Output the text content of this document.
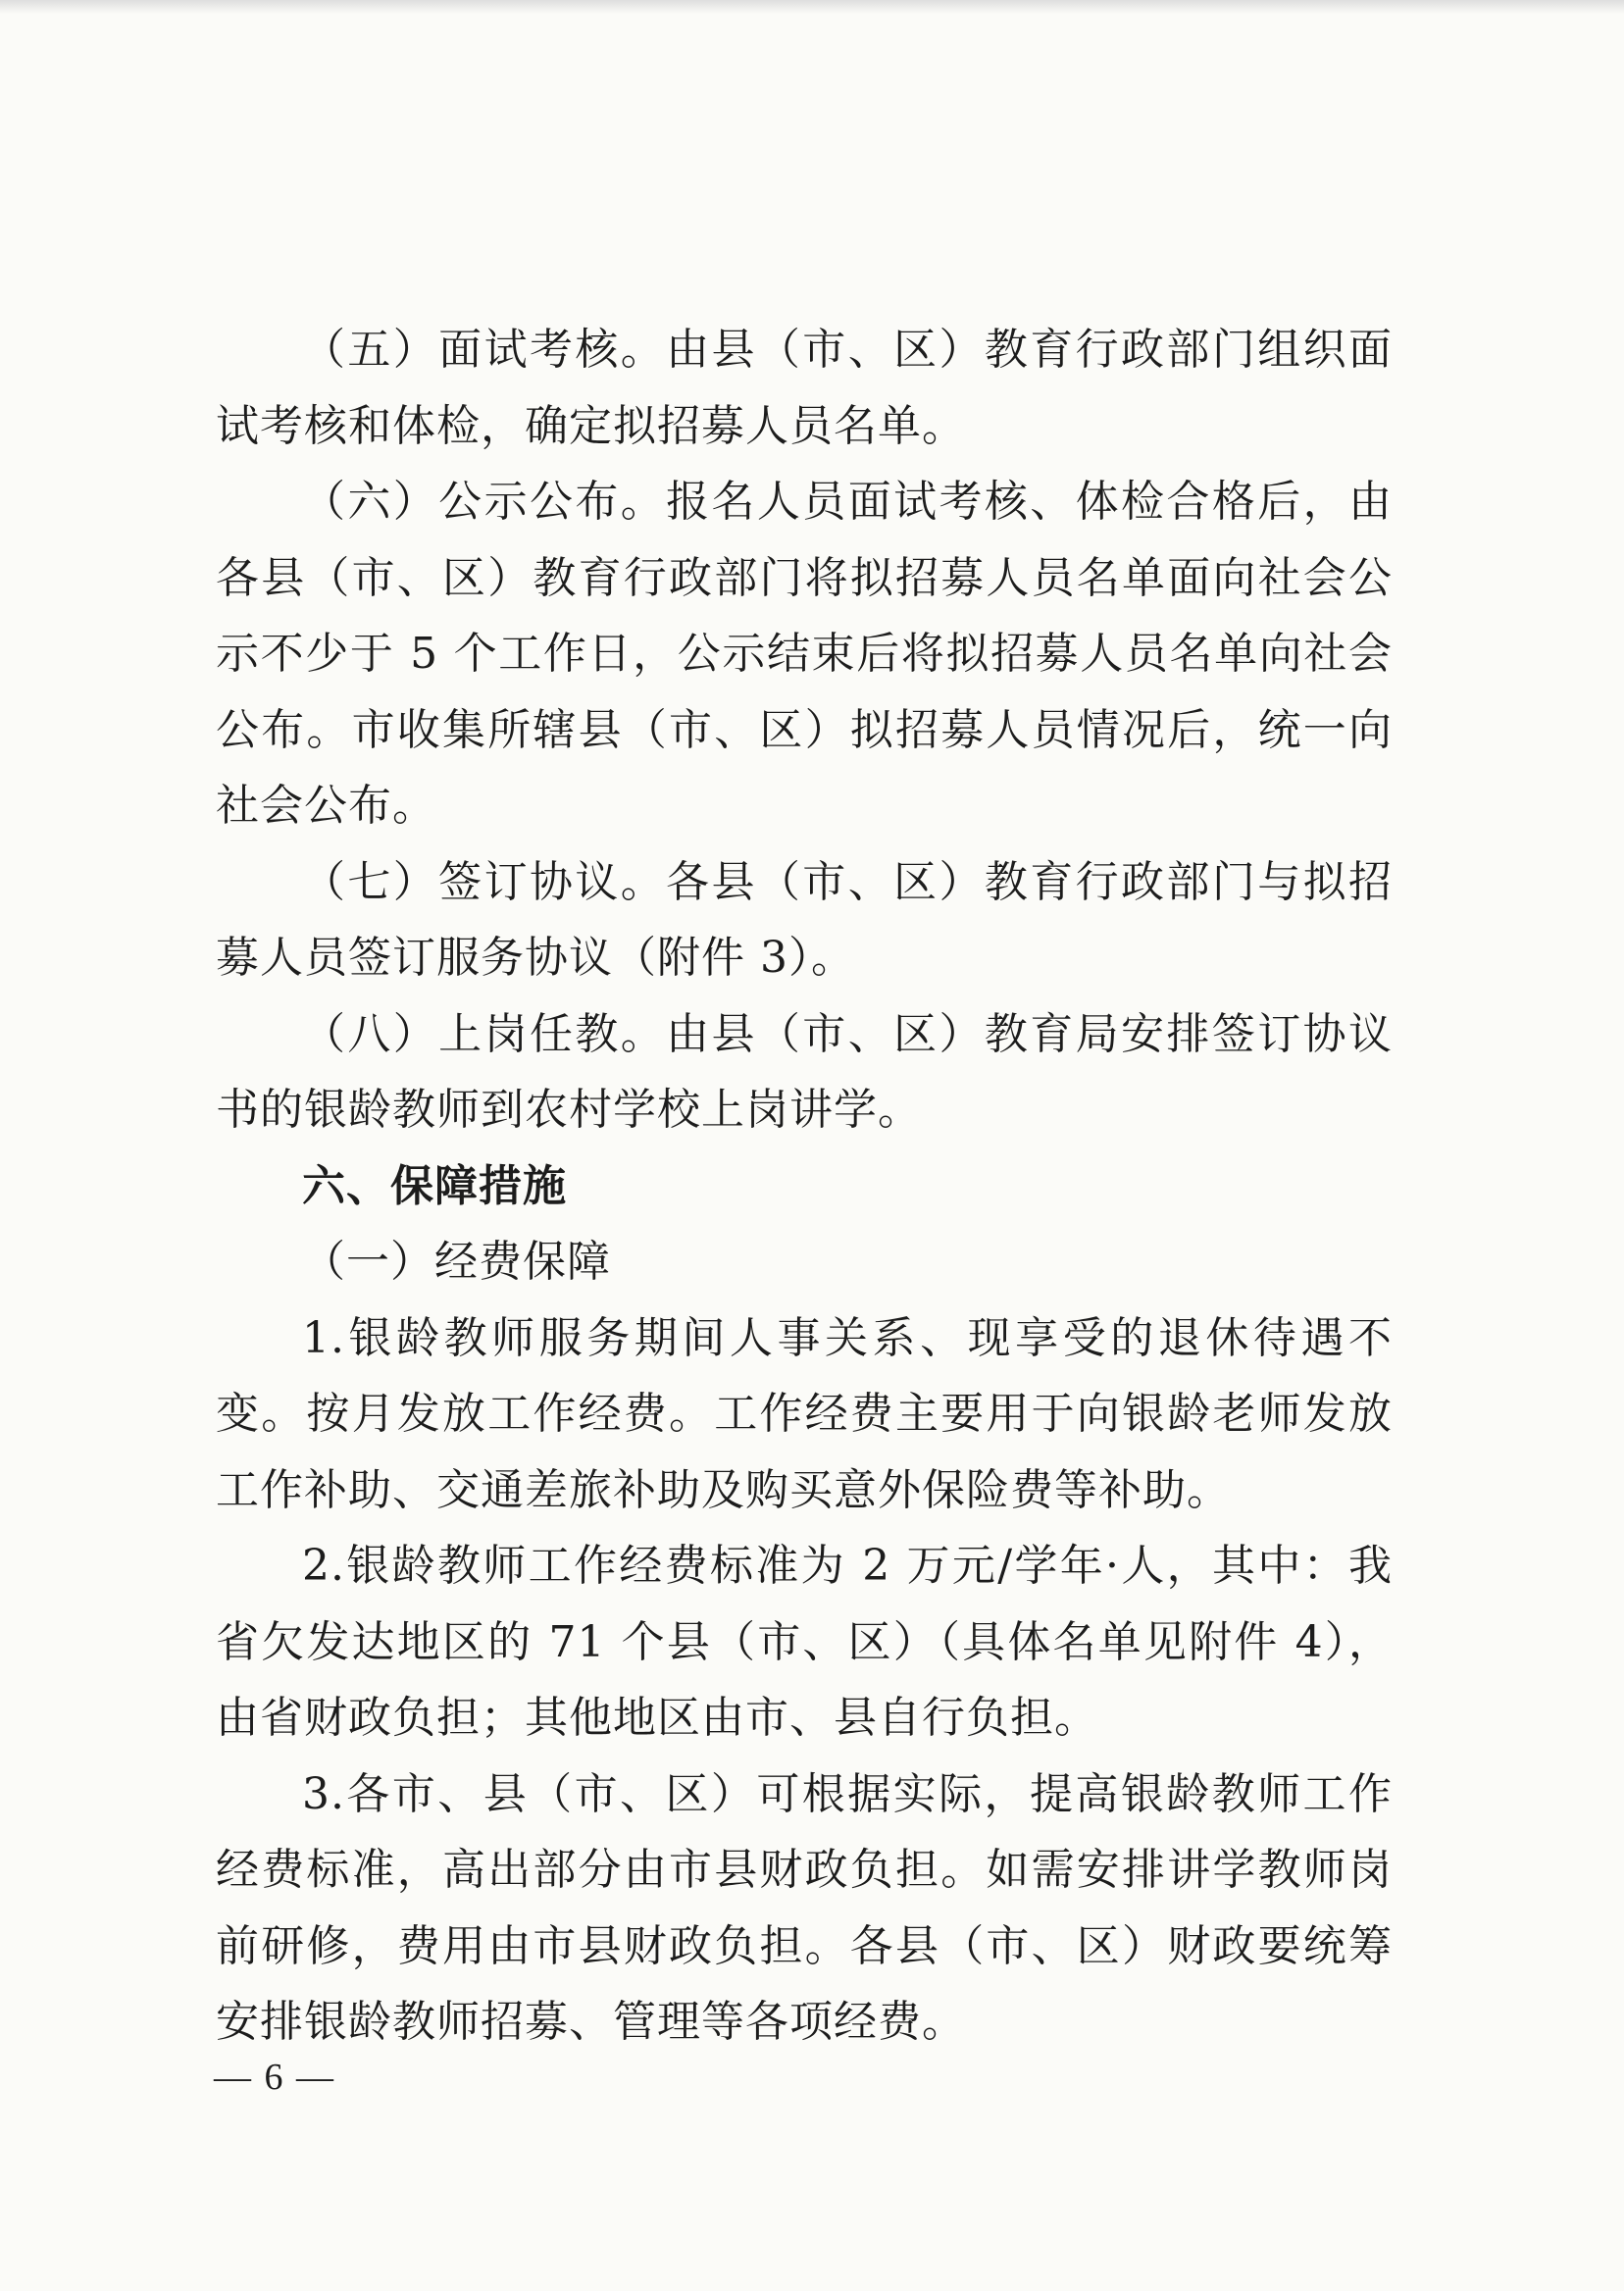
（五）面试考核。由县（市、区）教育行政部门组织面试考核和体检，确定拟招募人员名单。

（六）公示公布。报名人员面试考核、体检合格后，由各县（市、区）教育行政部门将拟招募人员名单面向社会公示不少于 5 个工作日，公示结束后将拟招募人员名单向社会公布。市收集所辖县（市、区）拟招募人员情况后，统一向社会公布。

（七）签订协议。各县（市、区）教育行政部门与拟招募人员签订服务协议（附件 3）。

（八）上岗任教。由县（市、区）教育局安排签订协议书的银龄教师到农村学校上岗讲学。

六、保障措施

（一）经费保障

1.银龄教师服务期间人事关系、现享受的退休待遇不变。按月发放工作经费。工作经费主要用于向银龄老师发放工作补助、交通差旅补助及购买意外保险费等补助。

2.银龄教师工作经费标准为 2 万元/学年·人，其中：我省欠发达地区的 71 个县（市、区）（具体名单见附件 4），由省财政负担；其他地区由市、县自行负担。

3.各市、县（市、区）可根据实际，提高银龄教师工作经费标准，高出部分由市县财政负担。如需安排讲学教师岗前研修，费用由市县财政负担。各县（市、区）财政要统筹安排银龄教师招募、管理等各项经费。

— 6 —
